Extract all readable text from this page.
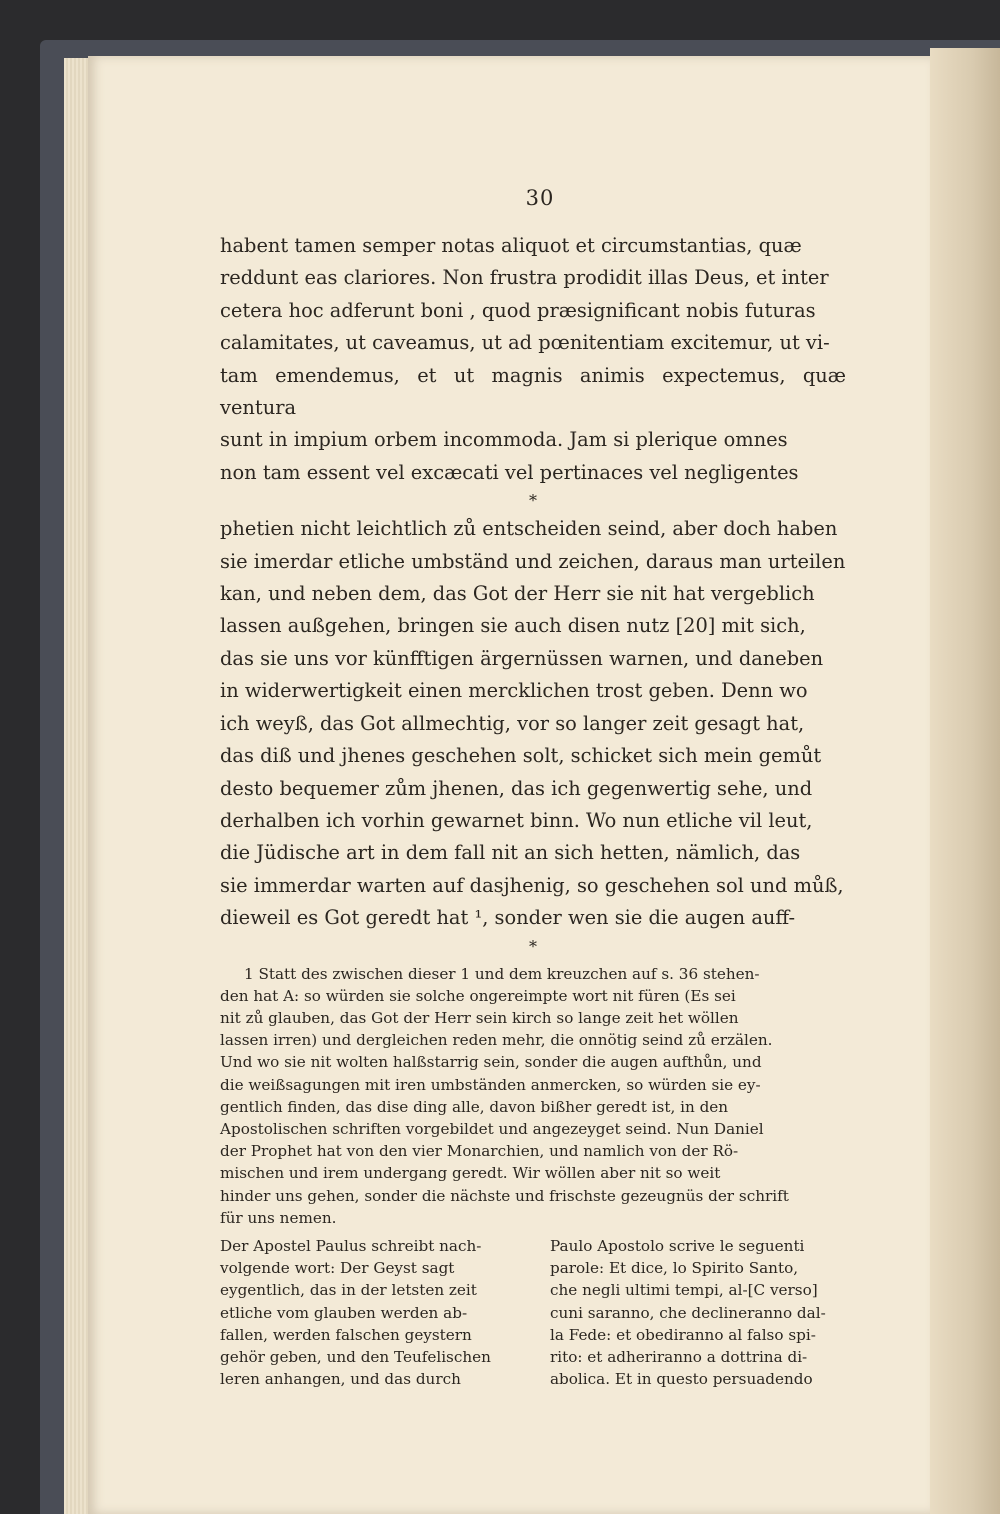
30

habent tamen semper notas aliquot et circumstantias, quæ
reddunt eas clariores. Non frustra prodidit illas Deus, et inter
cetera hoc adferunt boni , quod præsignificant nobis futuras
calamitates, ut caveamus, ut ad pœnitentiam excitemur, ut vi-
tam emendemus, et ut magnis animis expectemus, quæ ventura
sunt in impium orbem incommoda. Jam si plerique omnes
non tam essent vel excæcati vel pertinaces vel negligentes

*

phetien nicht leichtlich zů entscheiden seind, aber doch haben
sie imerdar etliche umbständ und zeichen, daraus man urteilen
kan, und neben dem, das Got der Herr sie nit hat vergeblich
lassen außgehen, bringen sie auch disen nutz [20] mit sich,
das sie uns vor künfftigen ärgernüssen warnen, und daneben
in widerwertigkeit einen mercklichen trost geben. Denn wo
ich weyß, das Got allmechtig, vor so langer zeit gesagt hat,
das diß und jhenes geschehen solt, schicket sich mein gemůt
desto bequemer zům jhenen, das ich gegenwertig sehe, und
derhalben ich vorhin gewarnet binn. Wo nun etliche vil leut,
die Jüdische art in dem fall nit an sich hetten, nämlich, das
sie immerdar warten auf dasjhenig, so geschehen sol und můß,
dieweil es Got geredt hat ¹, sonder wen sie die augen auff-

*

1 Statt des zwischen dieser 1 und dem kreuzchen auf s. 36 stehen-
den hat A: so würden sie solche ongereimpte wort nit füren (Es sei
nit zů glauben, das Got der Herr sein kirch so lange zeit het wöllen
lassen irren) und dergleichen reden mehr, die onnötig seind zů erzälen.
Und wo sie nit wolten halßstarrig sein, sonder die augen aufthůn, und
die weißsagungen mit iren umbständen anmercken, so würden sie ey-
gentlich finden, das dise ding alle, davon bißher geredt ist, in den
Apostolischen schriften vorgebildet und angezeyget seind. Nun Daniel
der Prophet hat von den vier Monarchien, und namlich von der Rö-
mischen und irem undergang geredt. Wir wöllen aber nit so weit
hinder uns gehen, sonder die nächste und frischste gezeugnüs der schrift
für uns nemen.
Der Apostel Paulus schreibt nach-
volgende wort: Der Geyst sagt
eygentlich, das in der letsten zeit
etliche vom glauben werden ab-
fallen, werden falschen geystern
gehör geben, und den Teufelischen
leren anhangen, und das durch
Paulo Apostolo scrive le seguenti
parole: Et dice, lo Spirito Santo,
che negli ultimi tempi, al-[C verso]
cuni saranno, che declineranno dal-
la Fede: et obediranno al falso spi-
rito: et adheriranno a dottrina di-
abolica. Et in questo persuadendo
